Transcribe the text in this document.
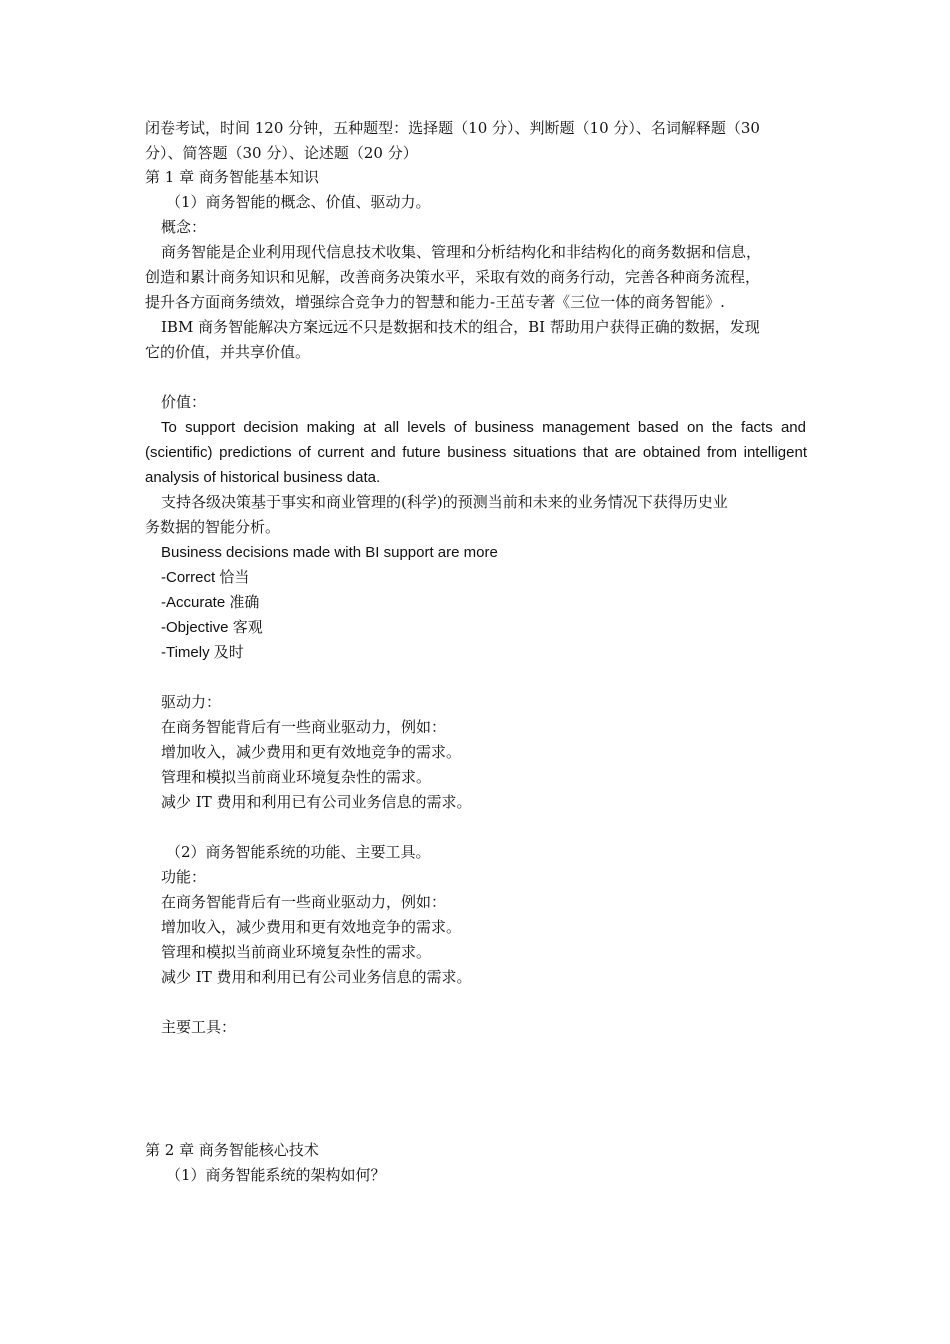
闭卷考试，时间 120 分钟，五种题型：选择题（10 分）、判断题（10 分）、名词解释题（30
分）、简答题（30 分）、论述题（20 分）
第 1 章 商务智能基本知识
（1）商务智能的概念、价值、驱动力。
概念：
商务智能是企业利用现代信息技术收集、管理和分析结构化和非结构化的商务数据和信息，
创造和累计商务知识和见解，改善商务决策水平，采取有效的商务行动，完善各种商务流程，
提升各方面商务绩效，增强综合竞争力的智慧和能力-王茁专著《三位一体的商务智能》.
IBM 商务智能解决方案远远不只是数据和技术的组合，BI 帮助用户获得正确的数据，发现
它的价值，并共享价值。
价值：
To support decision making at all levels of business management based on the facts and
(scientific) predictions of current and future business situations that are obtained from intelligent
analysis of historical business data.
支持各级决策基于事实和商业管理的(科学)的预测当前和未来的业务情况下获得历史业
务数据的智能分析。
Business decisions made with BI support are more
-Correct 恰当
-Accurate 准确
-Objective 客观
-Timely 及时
驱动力：
在商务智能背后有一些商业驱动力，例如：
增加收入，减少费用和更有效地竞争的需求。
管理和模拟当前商业环境复杂性的需求。
减少 IT 费用和利用已有公司业务信息的需求。
（2）商务智能系统的功能、主要工具。
功能：
在商务智能背后有一些商业驱动力，例如：
增加收入，减少费用和更有效地竞争的需求。
管理和模拟当前商业环境复杂性的需求。
减少 IT 费用和利用已有公司业务信息的需求。
主要工具：
第 2 章 商务智能核心技术
（1）商务智能系统的架构如何？
